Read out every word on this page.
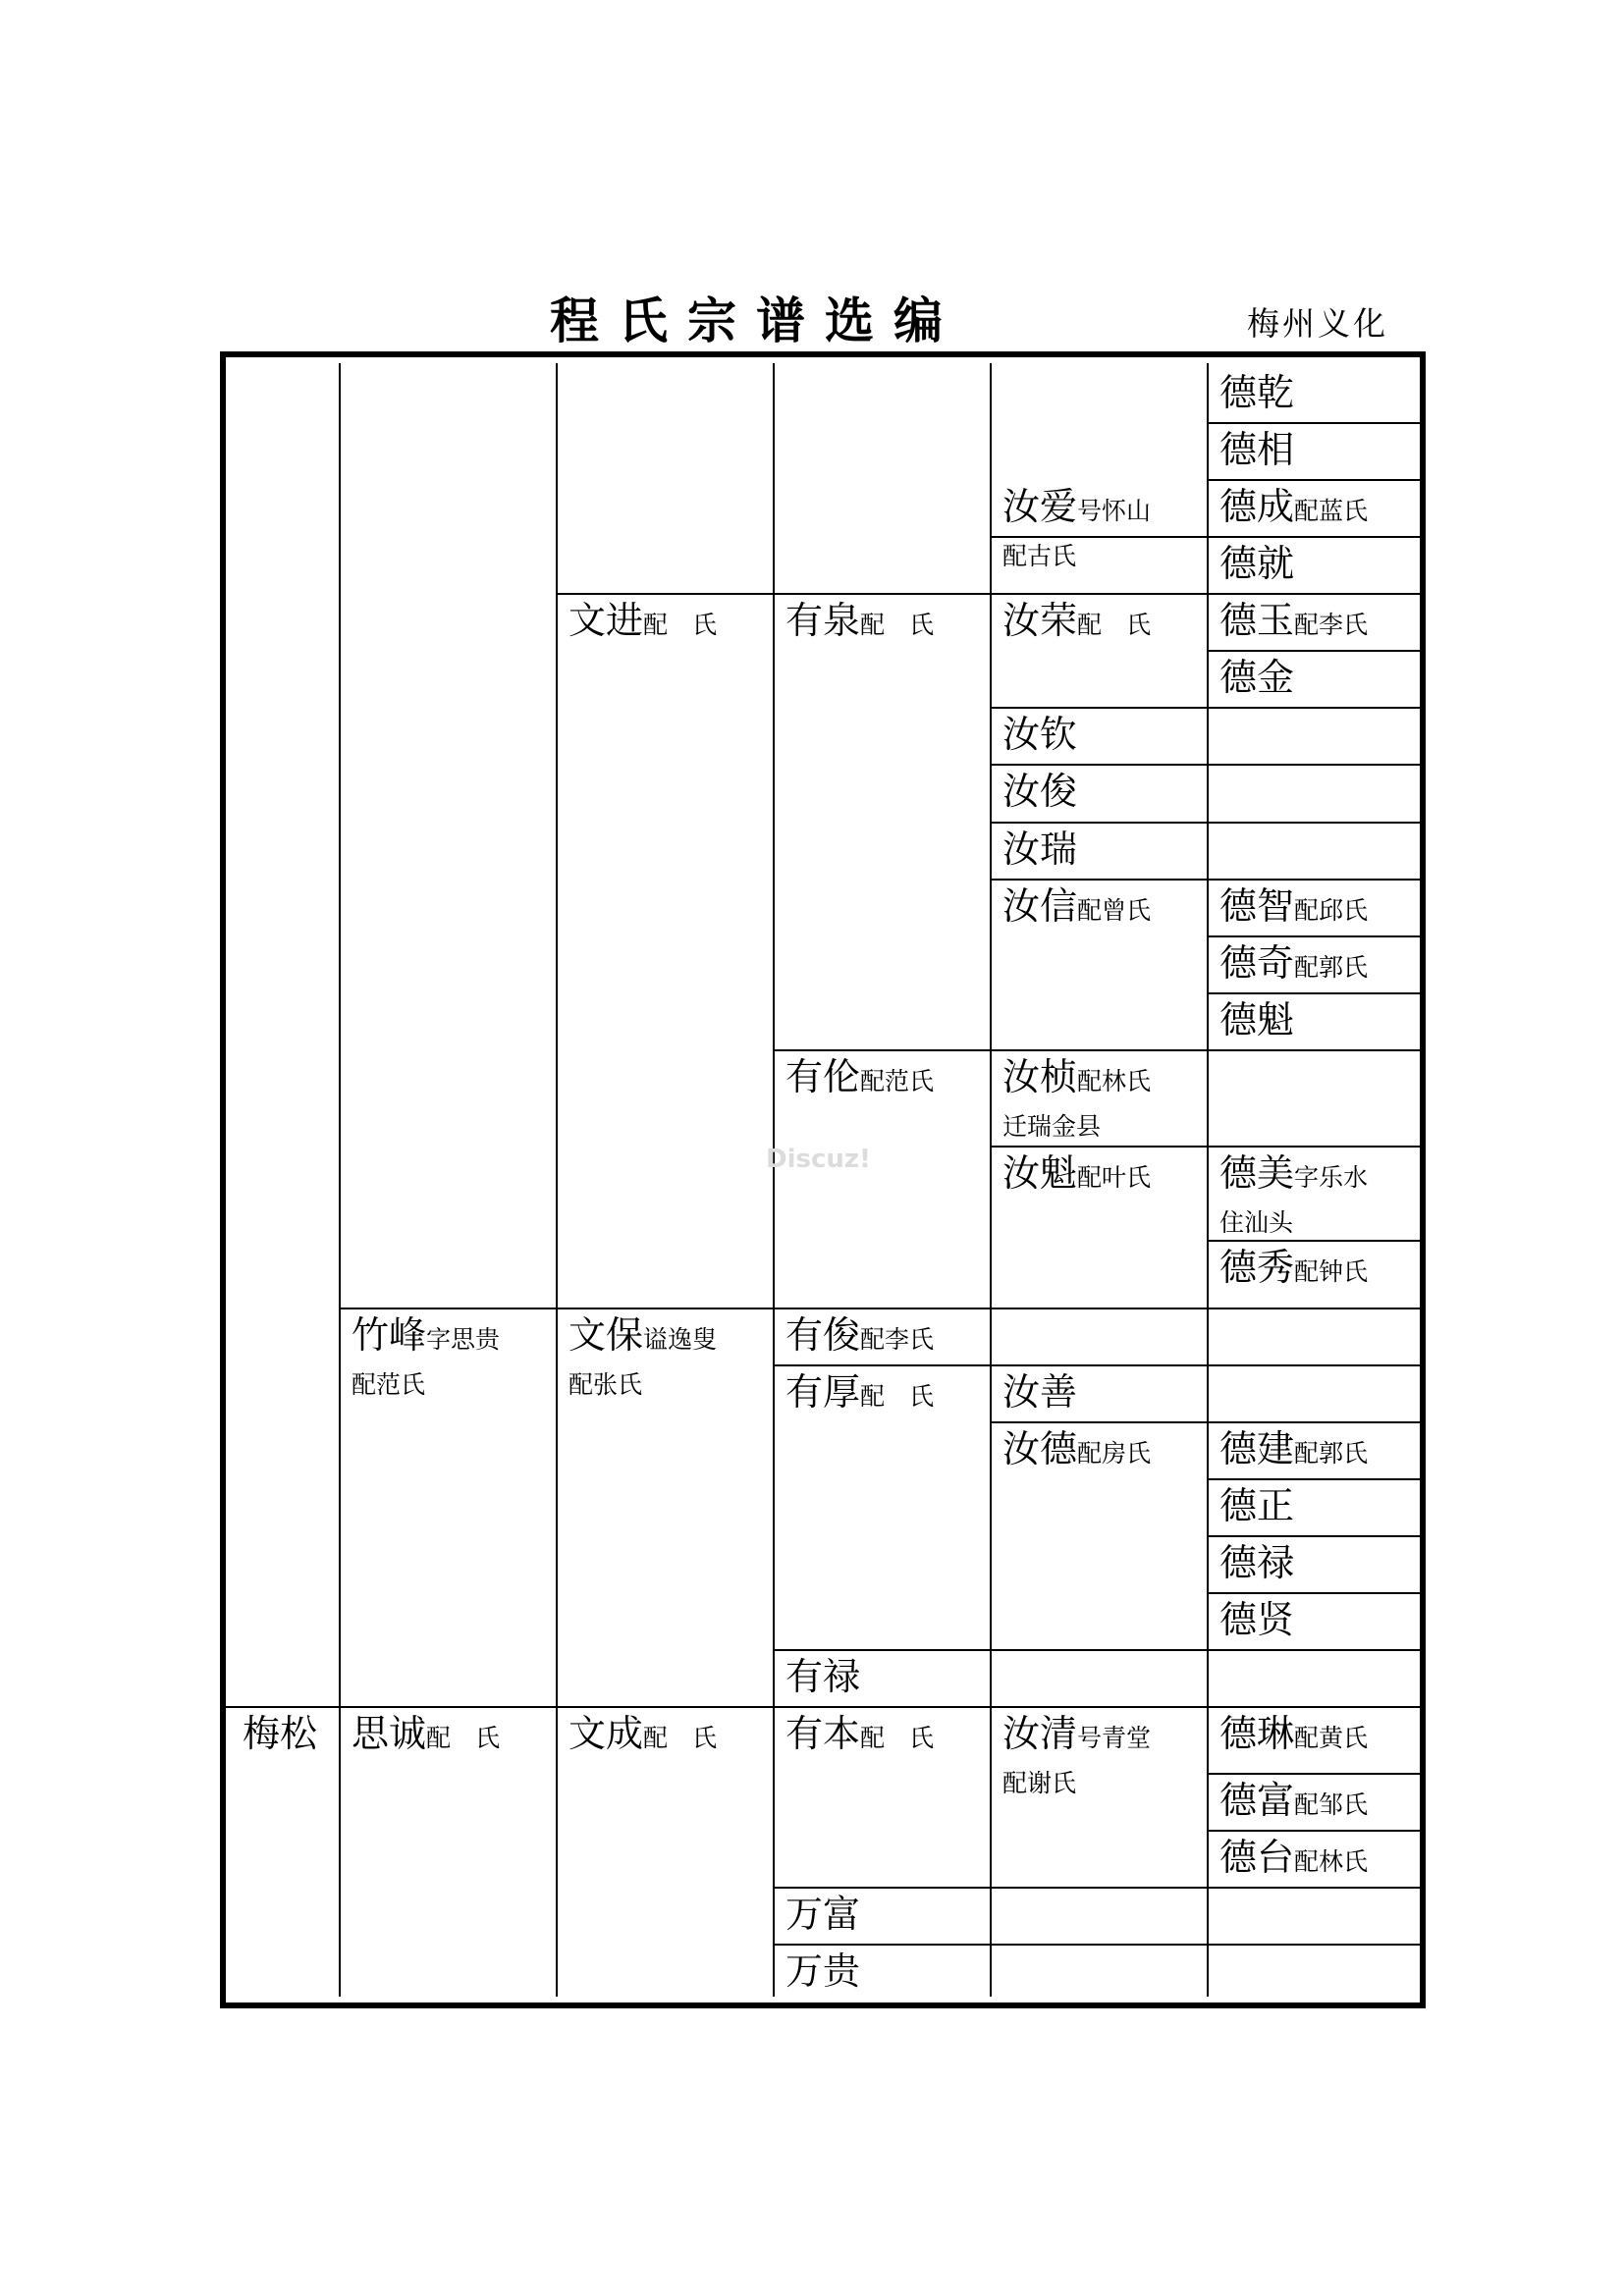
程氏宗谱选编	梅州义化
德乾
德相
汝爱号怀山
配古氏
德成配蓝氏
德就
文进配　氏 有泉配　氏 汝荣配　氏 德玉配李氏
德金
汝钦
汝俊
汝瑞
汝信配曾氏 德智配邱氏
德奇配郭氏
德魁
有伦配范氏 汝桢配林氏
迁瑞金县
汝魁配叶氏 德美字乐水
住汕头
德秀配钟氏
竹峰字思贵
配范氏
文保谥逸叟
配张氏
有俊配李氏
有厚配　氏 汝善
汝德配房氏 德建配郭氏
德正
德禄
德贤
有禄
梅松 思诚配　氏 文成配　氏 有本配　氏 汝清号青堂
配谢氏
德琳配黄氏
德富配邹氏
德台配林氏
万富
万贵
Discuz!
